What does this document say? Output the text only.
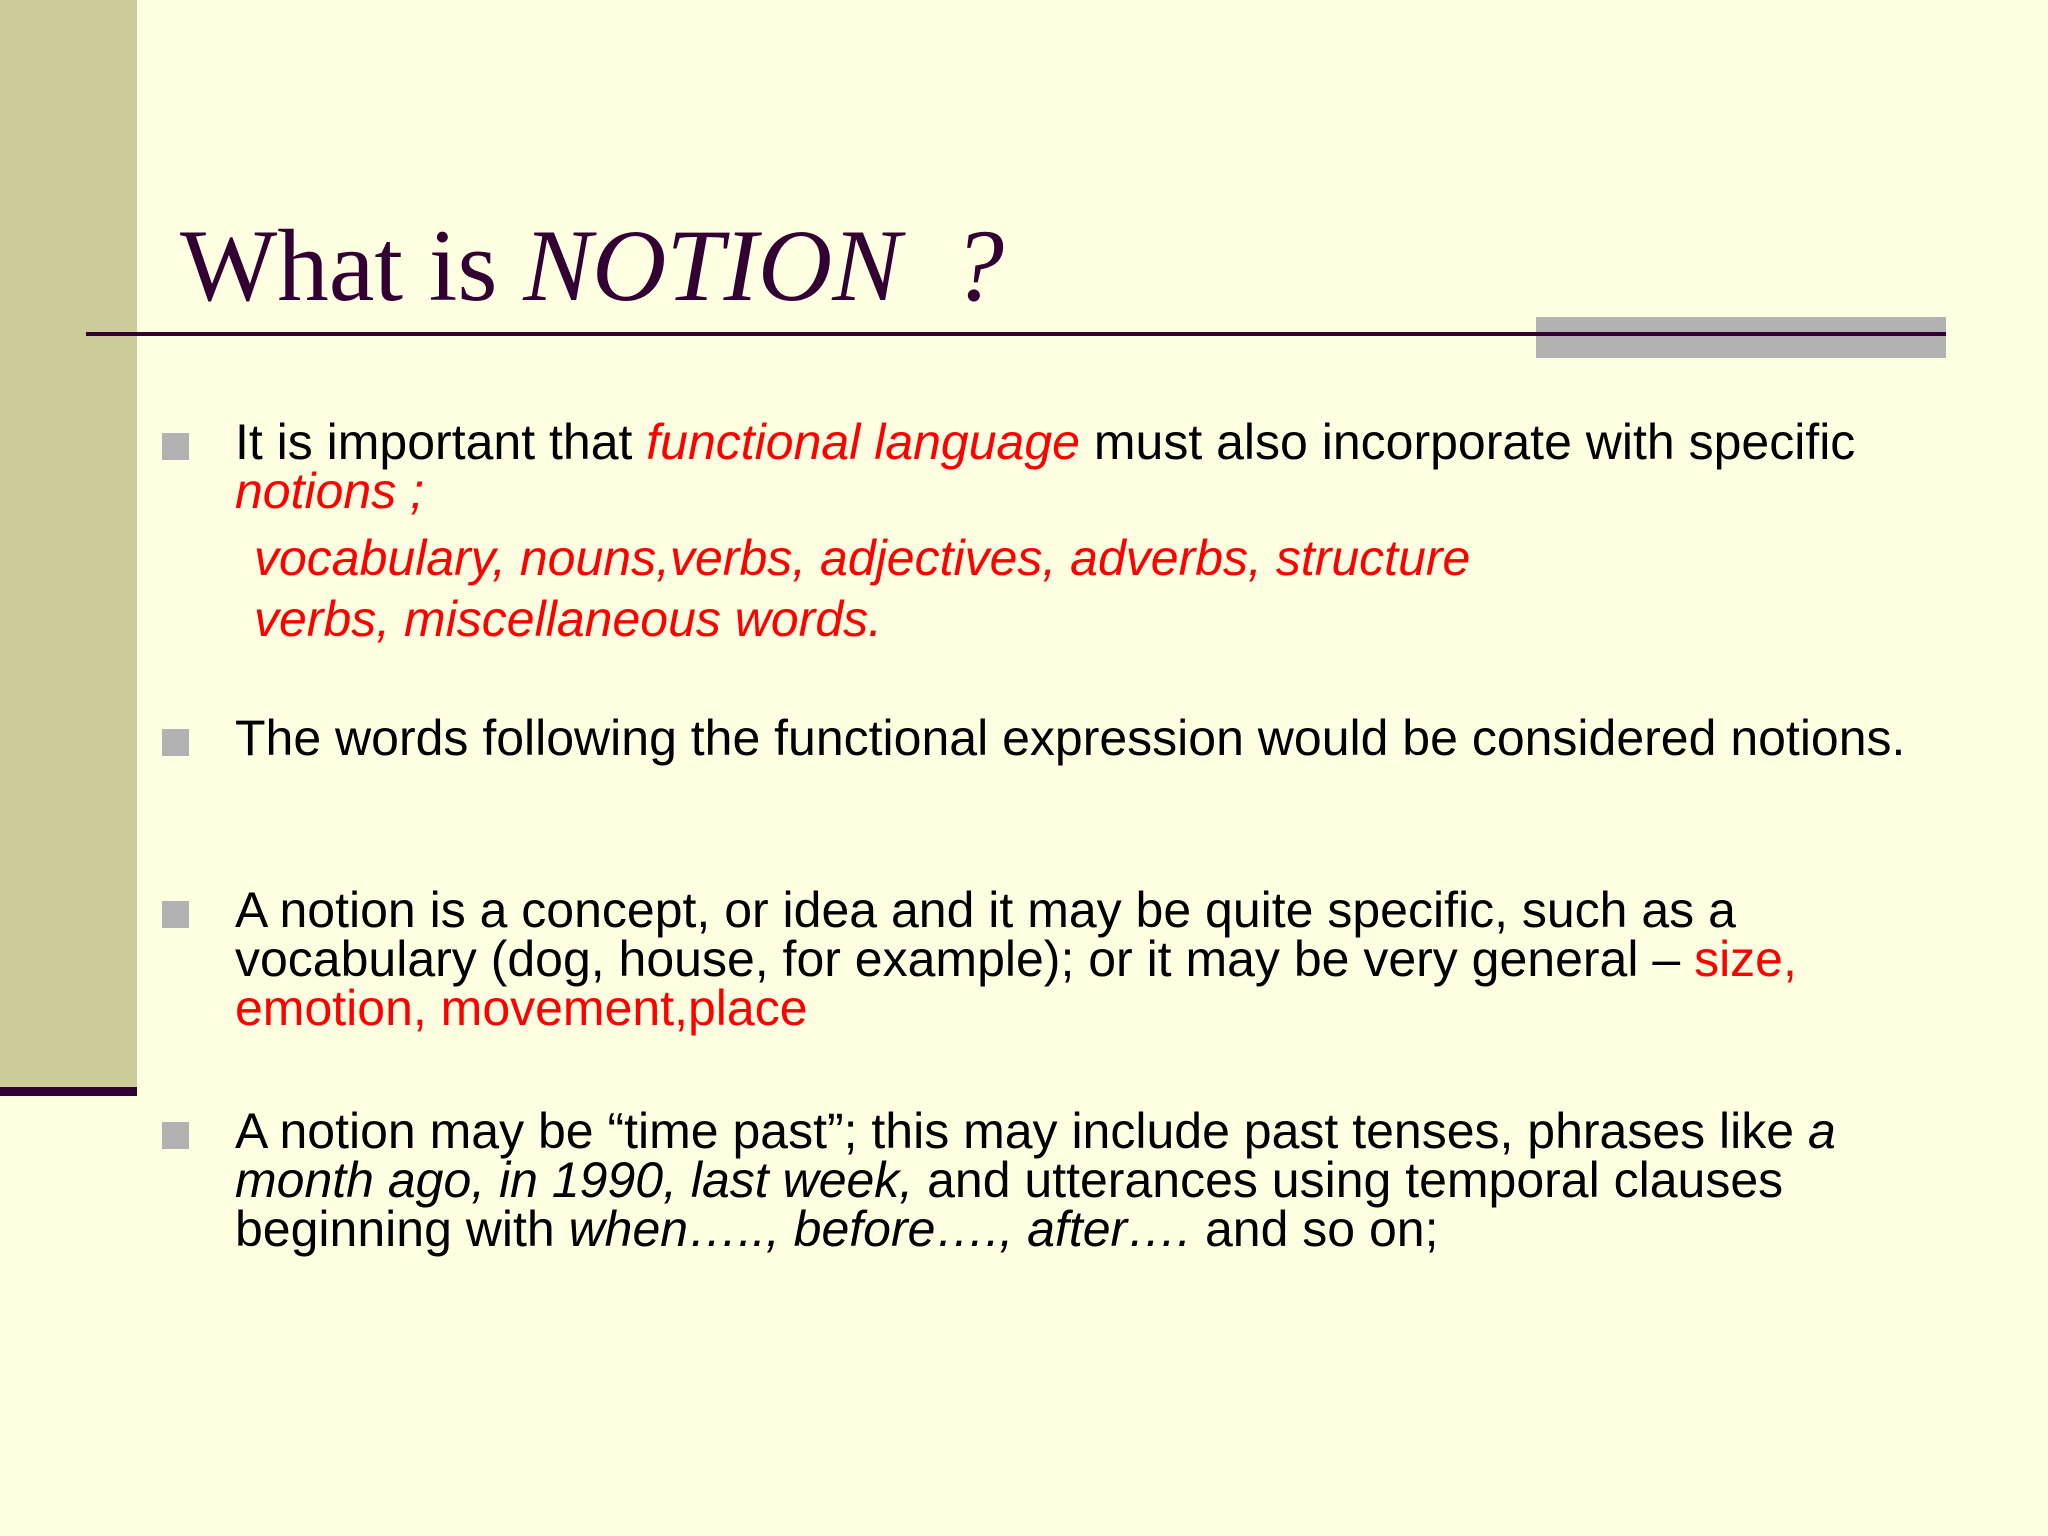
What is NOTION  ?
It is important that functional language must also incorporate with specific notions ;
vocabulary, nouns,verbs, adjectives, adverbs, structure
verbs, miscellaneous words.
The words following the functional expression would be considered notions.
A notion is a concept, or idea and it may be quite specific, such as a vocabulary (dog, house, for example); or it may be very general – size, emotion, movement,place
A notion may be “time past”; this may include past tenses, phrases like a month ago, in 1990, last week, and utterances using temporal clauses beginning with when….., before…., after…. and so on;
